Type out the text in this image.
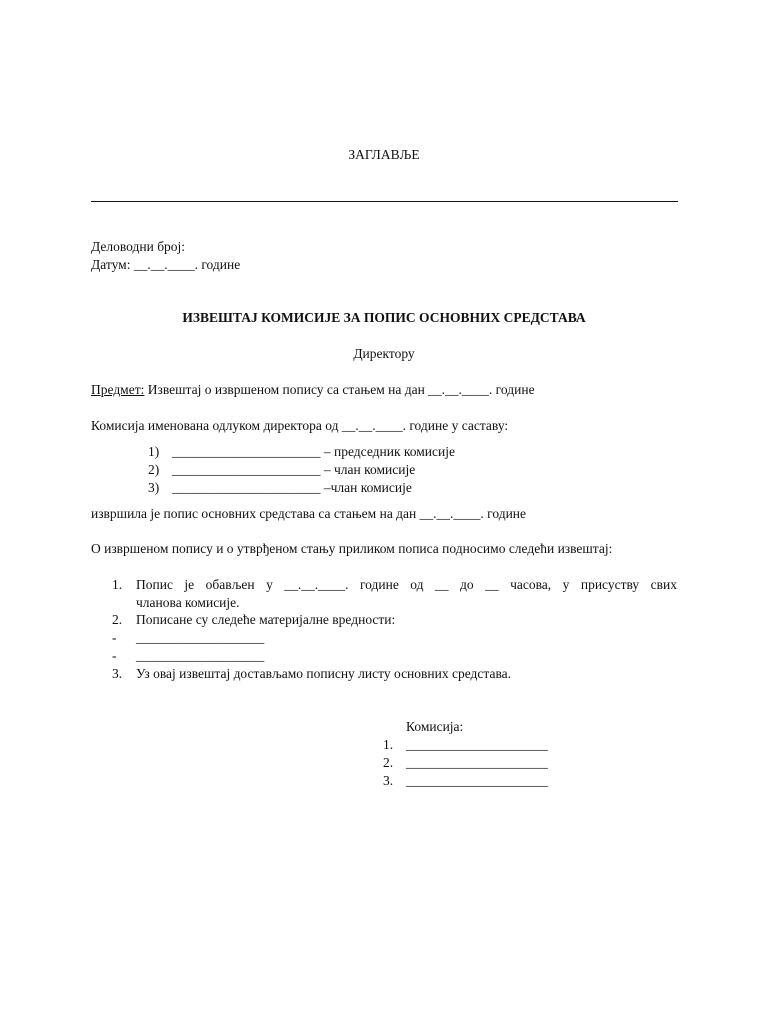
ЗАГЛАВЉЕ
Деловодни број:
Датум: __.__.____. године
ИЗВЕШТАЈ КОМИСИЈЕ ЗА ПОПИС ОСНОВНИХ СРЕДСТАВА
Директору
Предмет: Извештај о извршеном попису са стањем на дан __.__.____. године
Комисија именована одлуком директора од __.__.____. године у саставу:
1) ______________________ – председник комисије
2) ______________________ – члан комисије
3) ______________________ –члан комисије
извршила је попис основних средстава са стањем на дан __.__.____. године
О извршеном попису и о утврђеном стању приликом пописа подносимо следећи извештај:
1. Попис је обављен у __.__.____. године од __ до __ часова, у присуству свих
чланова комисије.
2. Пописане су следеће материјалне вредности:
- ___________________
- ___________________
3. Уз овај извештај достављамо пописну листу основних средстава.
Комисија:
1. _____________________
2. _____________________
3. _____________________
